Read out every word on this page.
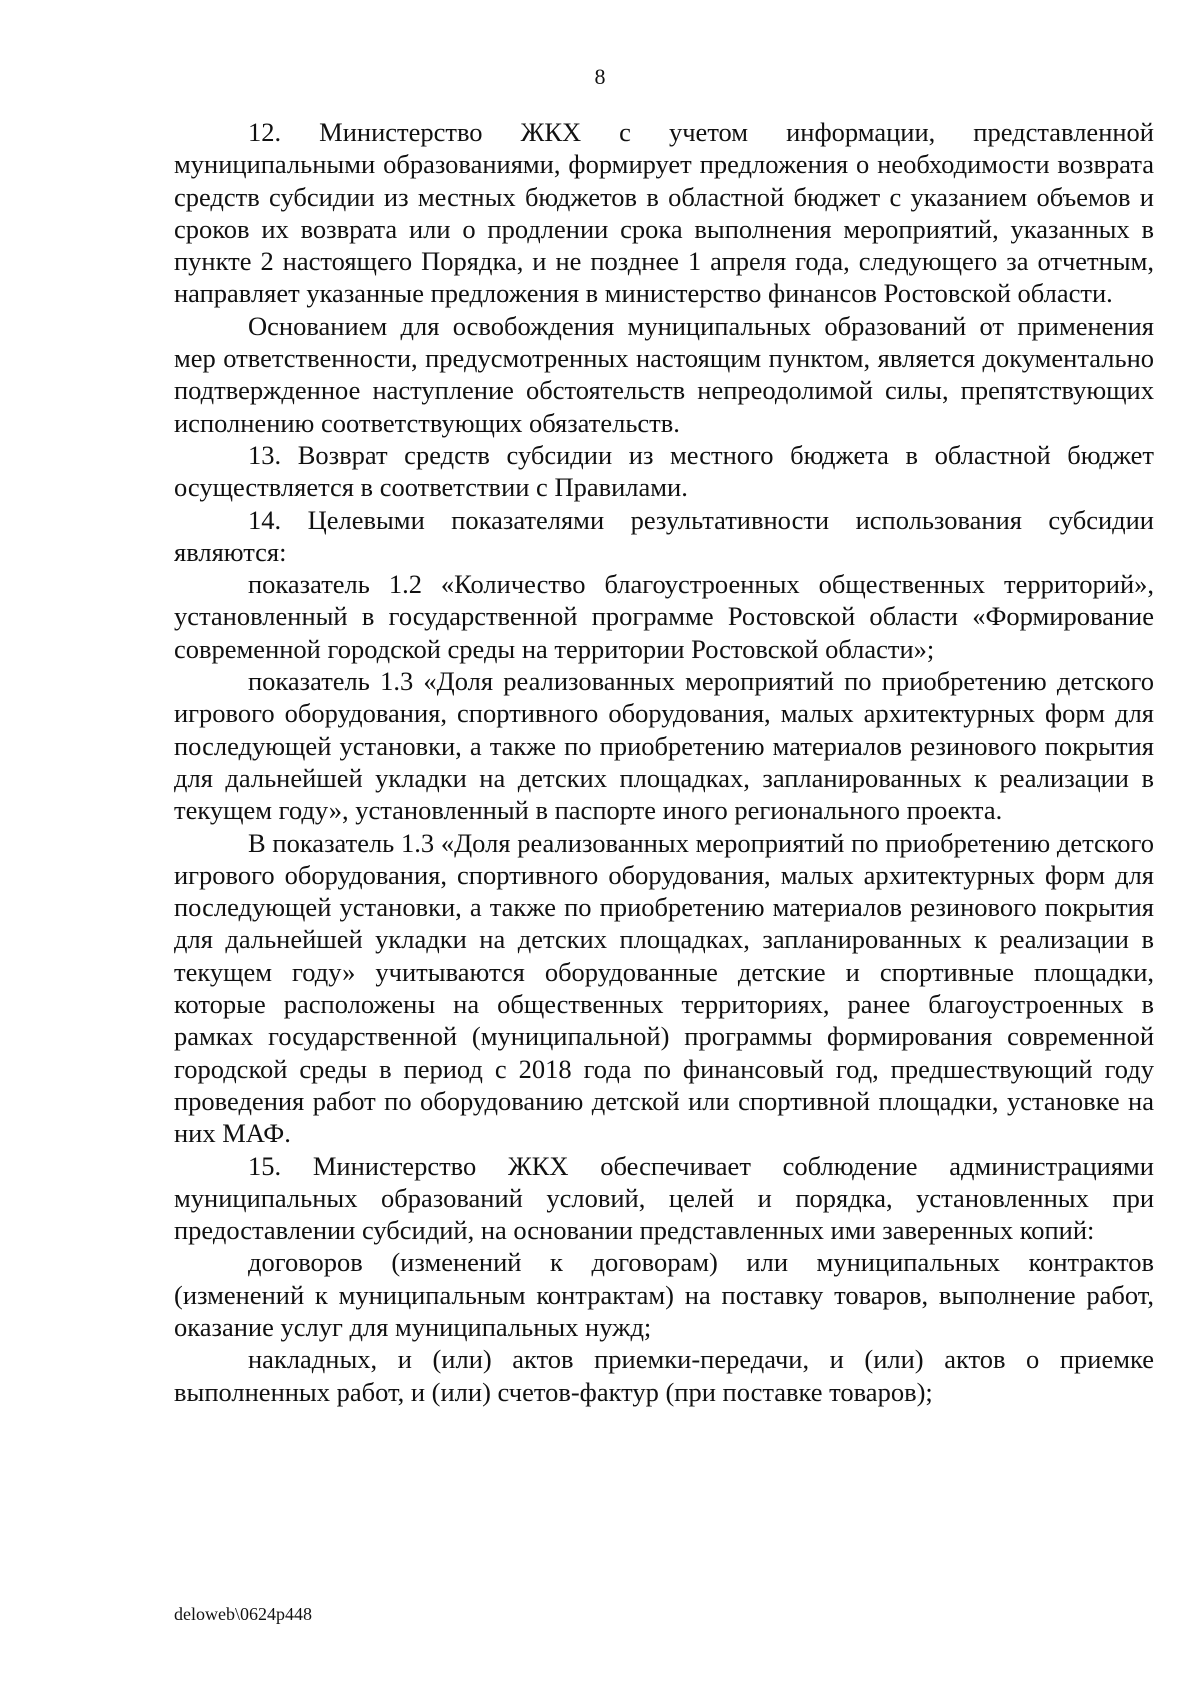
8

12. Министерство ЖКХ с учетом информации, представленной муниципальными образованиями, формирует предложения о необходимости возврата средств субсидии из местных бюджетов в областной бюджет с указанием объемов и сроков их возврата или о продлении срока выполнения мероприятий, указанных в пункте 2 настоящего Порядка, и не позднее 1 апреля года, следующего за отчетным, направляет указанные предложения в министерство финансов Ростовской области.

Основанием для освобождения муниципальных образований от применения мер ответственности, предусмотренных настоящим пунктом, является документально подтвержденное наступление обстоятельств непреодолимой силы, препятствующих исполнению соответствующих обязательств.

13. Возврат средств субсидии из местного бюджета в областной бюджет осуществляется в соответствии с Правилами.

14. Целевыми показателями результативности использования субсидии являются:

показатель 1.2 «Количество благоустроенных общественных территорий», установленный в государственной программе Ростовской области «Формирование современной городской среды на территории Ростовской области»;

показатель 1.3 «Доля реализованных мероприятий по приобретению детского игрового оборудования, спортивного оборудования, малых архитектурных форм для последующей установки, а также по приобретению материалов резинового покрытия для дальнейшей укладки на детских площадках, запланированных к реализации в текущем году», установленный в паспорте иного регионального проекта.

В показатель 1.3 «Доля реализованных мероприятий по приобретению детского игрового оборудования, спортивного оборудования, малых архитектурных форм для последующей установки, а также по приобретению материалов резинового покрытия для дальнейшей укладки на детских площадках, запланированных к реализации в текущем году» учитываются оборудованные детские и спортивные площадки, которые расположены на общественных территориях, ранее благоустроенных в рамках государственной (муниципальной) программы формирования современной городской среды в период с 2018 года по финансовый год, предшествующий году проведения работ по оборудованию детской или спортивной площадки, установке на них МАФ.

15. Министерство ЖКХ обеспечивает соблюдение администрациями муниципальных образований условий, целей и порядка, установленных при предоставлении субсидий, на основании представленных ими заверенных копий:

договоров (изменений к договорам) или муниципальных контрактов (изменений к муниципальным контрактам) на поставку товаров, выполнение работ, оказание услуг для муниципальных нужд;

накладных, и (или) актов приемки-передачи, и (или) актов о приемке выполненных работ, и (или) счетов-фактур (при поставке товаров);

deloweb\0624p448
